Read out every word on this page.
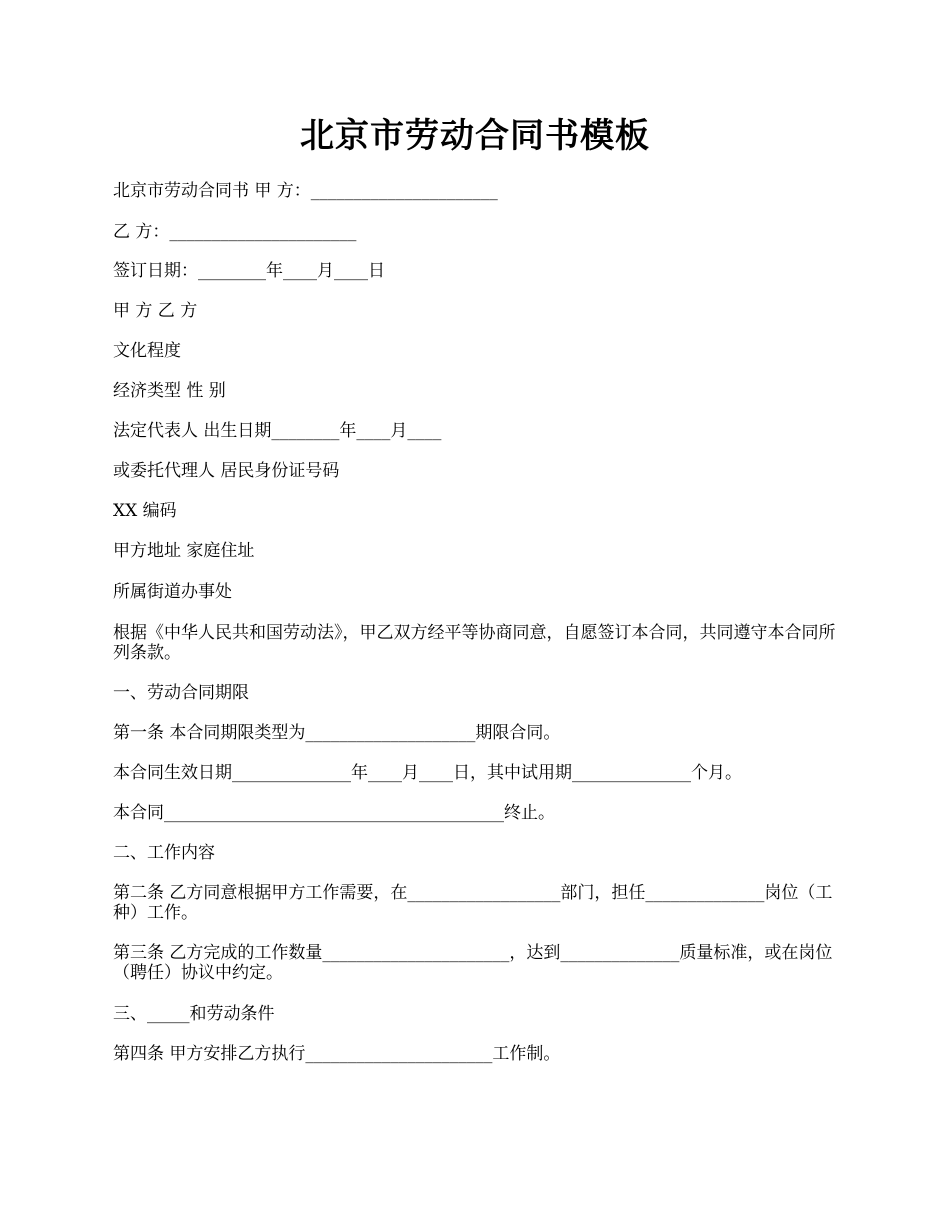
北京市劳动合同书模板

北京市劳动合同书 甲 方：______________________

乙 方：______________________

签订日期：________年____月____日

甲 方 乙 方

文化程度

经济类型 性 别

法定代表人 出生日期________年____月____

或委托代理人 居民身份证号码

XX 编码

甲方地址 家庭住址

所属街道办事处

根据《中华人民共和国劳动法》，甲乙双方经平等协商同意，自愿签订本合同，共同遵守本合同所列条款。

一、劳动合同期限

第一条 本合同期限类型为____________________期限合同。

本合同生效日期______________年____月____日，其中试用期______________个月。

本合同________________________________________终止。

二、工作内容

第二条 乙方同意根据甲方工作需要，在__________________部门，担任______________岗位（工种）工作。

第三条 乙方完成的工作数量______________________，达到______________质量标准，或在岗位（聘任）协议中约定。

三、_____和劳动条件

第四条 甲方安排乙方执行______________________工作制。
